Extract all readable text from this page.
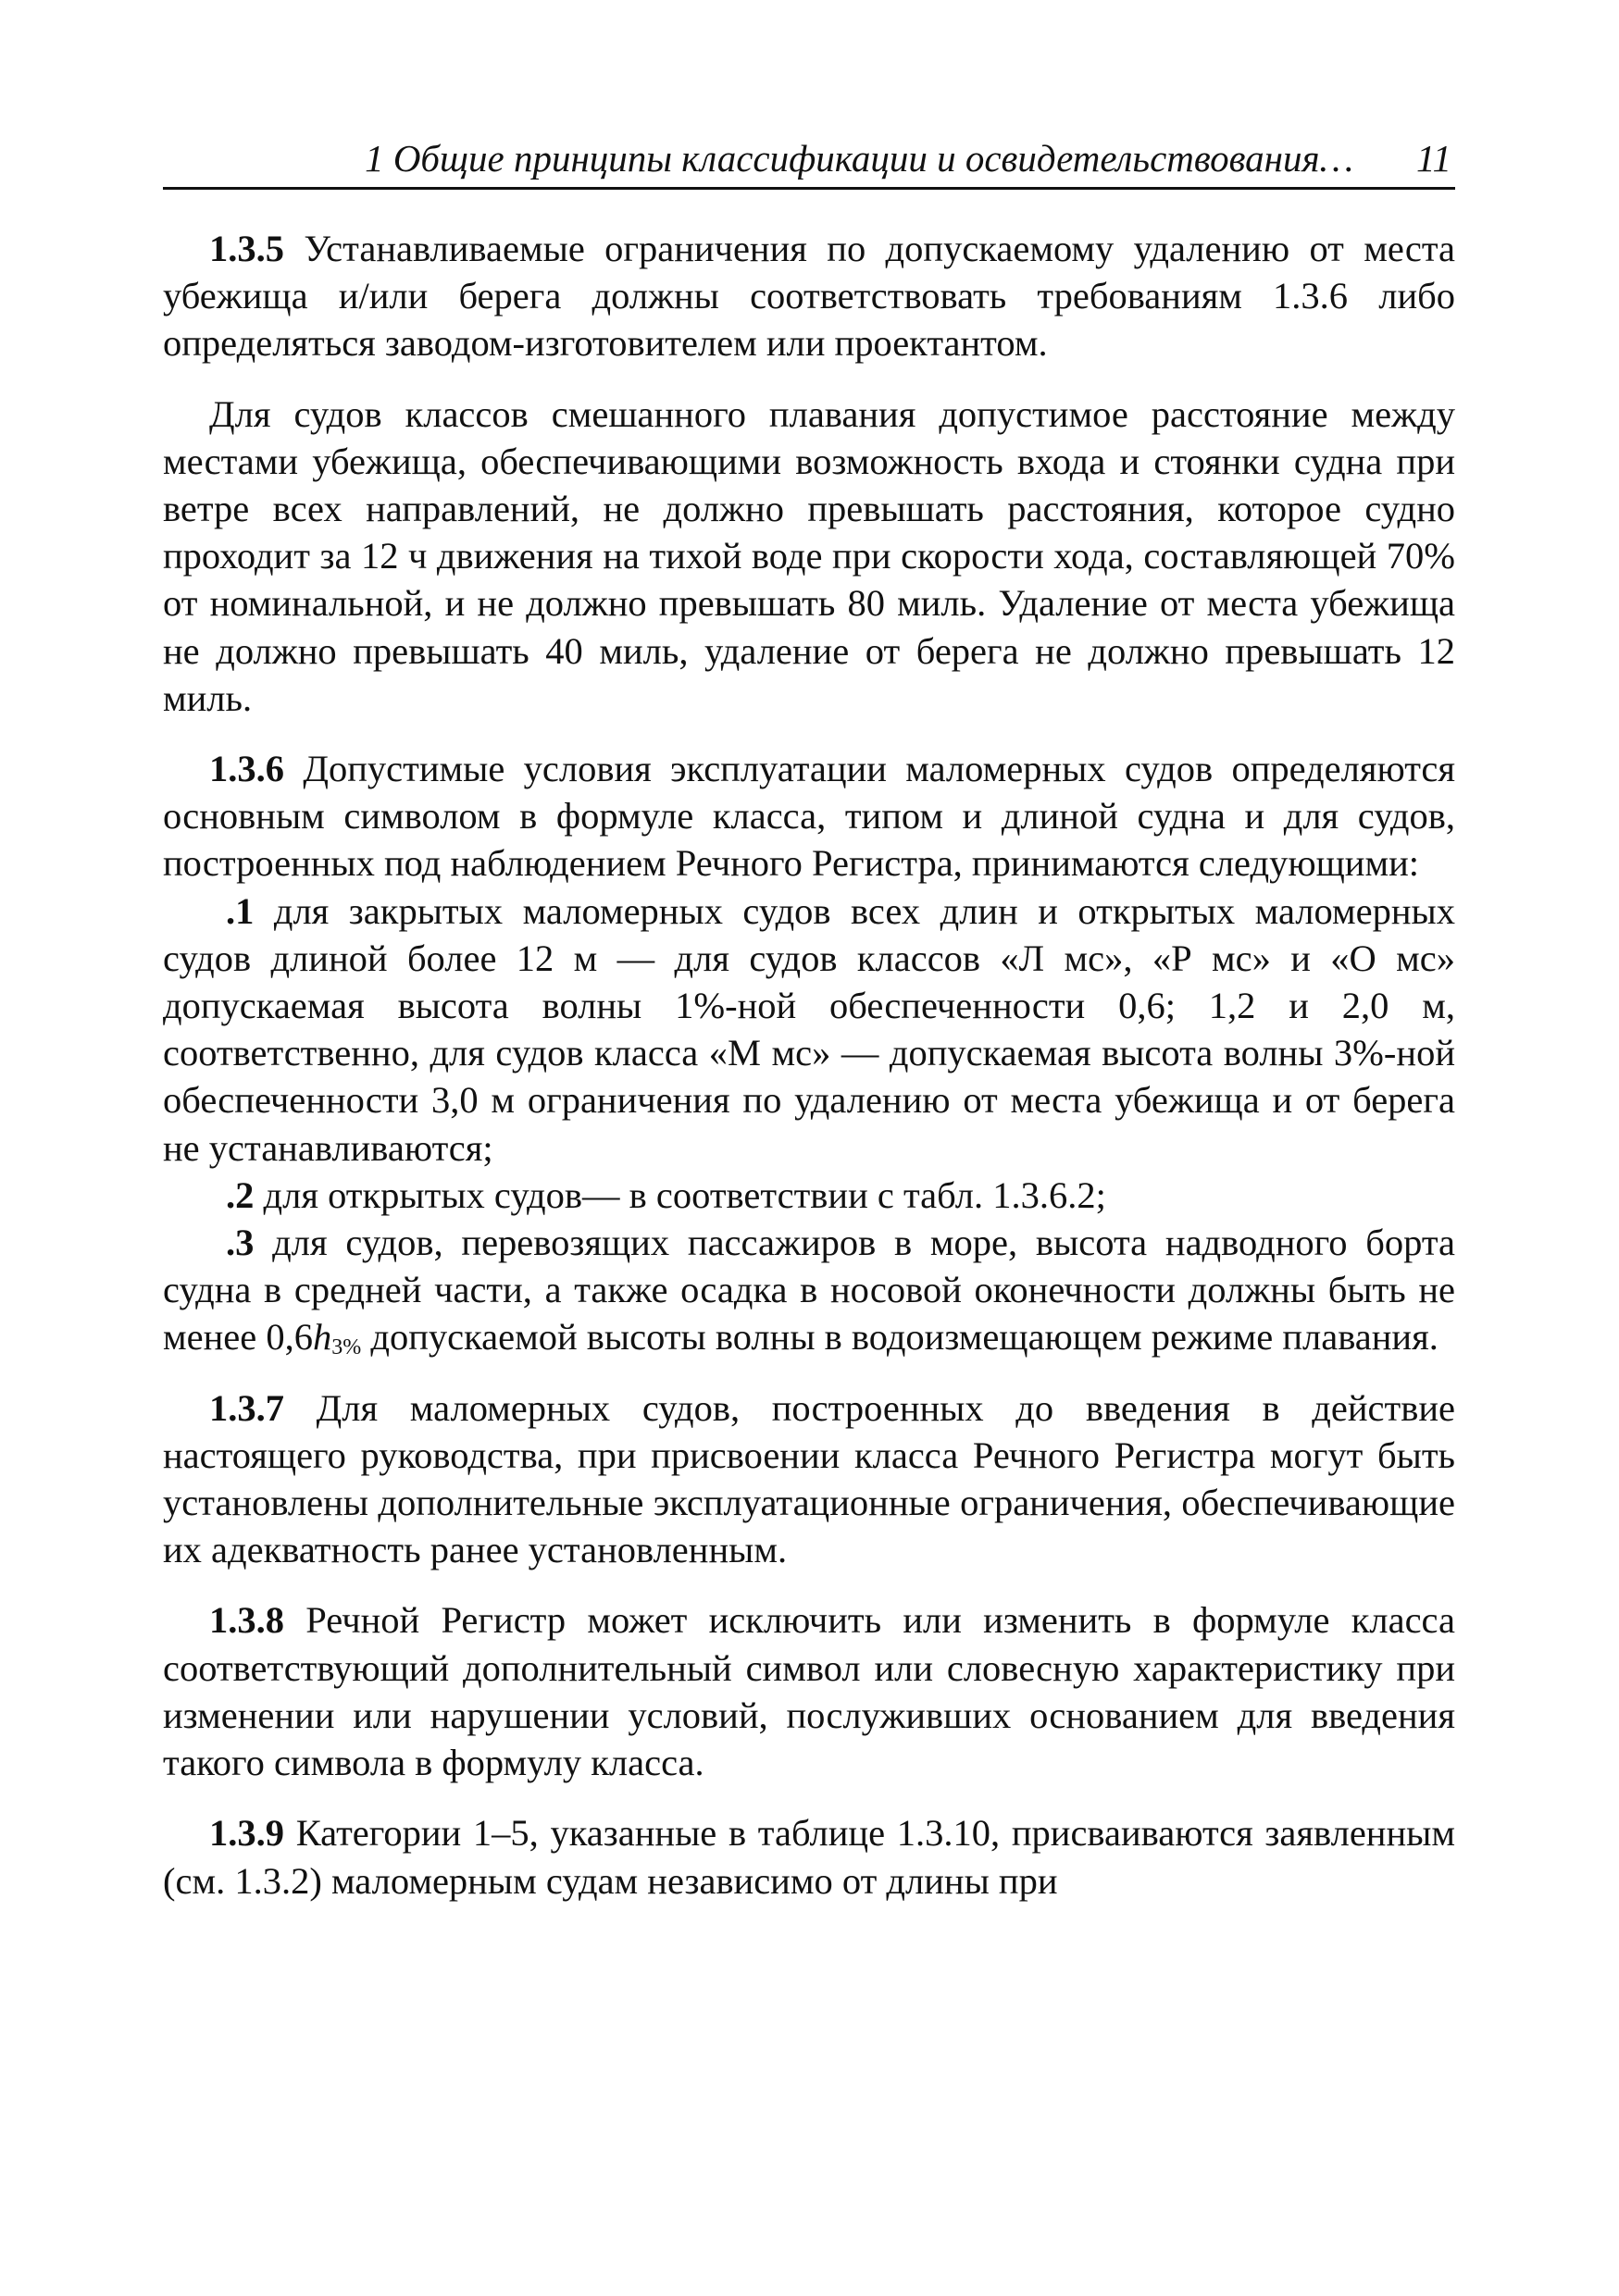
1 Общие принципы классификации и освидетельствования… 11

1.3.5 Устанавливаемые ограничения по допускаемому удалению от места убежища и/или берега должны соответствовать требованиям 1.3.6 либо определяться заводом-изготовителем или проектантом.

Для судов классов смешанного плавания допустимое расстояние между местами убежища, обеспечивающими возможность входа и стоянки судна при ветре всех направлений, не должно превышать расстояния, которое судно проходит за 12 ч движения на тихой воде при скорости хода, составляющей 70% от номинальной, и не должно превышать 80 миль. Удаление от места убежища не должно превышать 40 миль, удаление от берега не должно превышать 12 миль.

1.3.6 Допустимые условия эксплуатации маломерных судов определяются основным символом в формуле класса, типом и длиной судна и для судов, построенных под наблюдением Речного Регистра, принимаются следующими:

.1 для закрытых маломерных судов всех длин и открытых маломерных судов длиной более 12 м — для судов классов «Л мс», «Р мс» и «О мс» допускаемая высота волны 1%-ной обеспеченности 0,6; 1,2 и 2,0 м, соответственно, для судов класса «М мс» — допускаемая высота волны 3%-ной обеспеченности 3,0 м ограничения по удалению от места убежища и от берега не устанавливаются;

.2 для открытых судов— в соответствии с табл. 1.3.6.2;

.3 для судов, перевозящих пассажиров в море, высота надводного борта судна в средней части, а также осадка в носовой оконечности должны быть не менее $0,6h_{3\%}$ допускаемой высоты волны в водоизмещающем режиме плавания.

1.3.7 Для маломерных судов, построенных до введения в действие настоящего руководства, при присвоении класса Речного Регистра могут быть установлены дополнительные эксплуатационные ограничения, обеспечивающие их адекватность ранее установленным.

1.3.8 Речной Регистр может исключить или изменить в формуле класса соответствующий дополнительный символ или словесную характеристику при изменении или нарушении условий, послуживших основанием для введения такого символа в формулу класса.

1.3.9 Категории 1–5, указанные в таблице 1.3.10, присваиваются заявленным (см. 1.3.2) маломерным судам независимо от длины при
